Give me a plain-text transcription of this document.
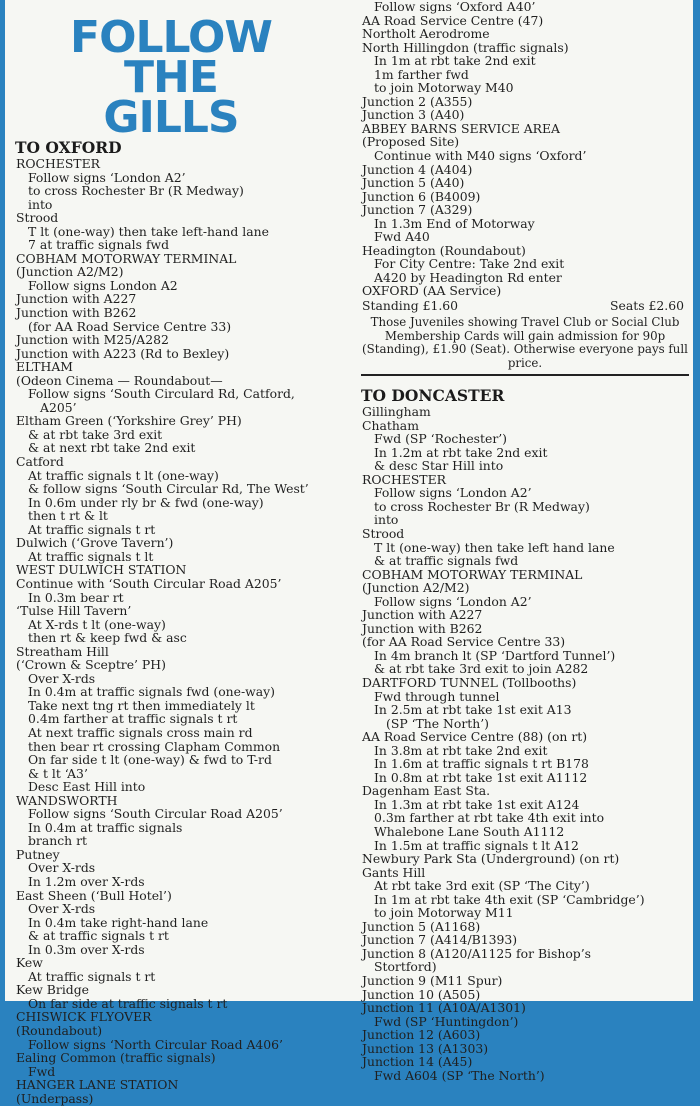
FOLLOW
THE GILLS
TO OXFORD
ROCHESTER
Follow signs ‘London A2’
to cross Rochester Br (R Medway)
into
Strood
T lt (one-way) then take left-hand lane
7 at traffic signals fwd
COBHAM MOTORWAY TERMINAL
(Junction A2/M2)
Follow signs London A2
Junction with A227
Junction with B262
(for AA Road Service Centre 33)
Junction with M25/A282
Junction with A223 (Rd to Bexley)
ELTHAM
(Odeon Cinema — Roundabout—
Follow signs ‘South Circulard Rd, Catford,
A205’
Eltham Green (‘Yorkshire Grey’ PH)
& at rbt take 3rd exit
& at next rbt take 2nd exit
Catford
At traffic signals t lt (one-way)
& follow signs ‘South Circular Rd, The West’
In 0.6m under rly br & fwd (one-way)
then t rt & lt
At traffic signals t rt
Dulwich (‘Grove Tavern’)
At traffic signals t lt
WEST DULWICH STATION
Continue with ‘South Circular Road A205’
In 0.3m bear rt
‘Tulse Hill Tavern’
At X-rds t lt (one-way)
then rt & keep fwd & asc
Streatham Hill
(‘Crown & Sceptre’ PH)
Over X-rds
In 0.4m at traffic signals fwd (one-way)
Take next tng rt then immediately lt
0.4m farther at traffic signals t rt
At next traffic signals cross main rd
then bear rt crossing Clapham Common
On far side t lt (one-way) & fwd to T-rd
& t lt ‘A3’
Desc East Hill into
WANDSWORTH
Follow signs ‘South Circular Road A205’
In 0.4m at traffic signals
branch rt
Putney
Over X-rds
In 1.2m over X-rds
East Sheen (‘Bull Hotel’)
Over X-rds
In 0.4m take right-hand lane
& at traffic signals t rt
In 0.3m over X-rds
Kew
At traffic signals t rt
Kew Bridge
On far side at traffic signals t rt
CHISWICK FLYOVER
(Roundabout)
Follow signs ‘North Circular Road A406’
Ealing Common (traffic signals)
Fwd
HANGER LANE STATION
(Underpass)
Follow signs ‘Oxford A40’
AA Road Service Centre (47)
Northolt Aerodrome
North Hillingdon (traffic signals)
In 1m at rbt take 2nd exit
1m farther fwd
to join Motorway M40
Junction 2 (A355)
Junction 3 (A40)
ABBEY BARNS SERVICE AREA
(Proposed Site)
Continue with M40 signs ‘Oxford’
Junction 4 (A404)
Junction 5 (A40)
Junction 6 (B4009)
Junction 7 (A329)
In 1.3m End of Motorway
Fwd A40
Headington (Roundabout)
For City Centre: Take 2nd exit
A420 by Headington Rd enter
OXFORD (AA Service)
Standing £1.60	Seats £2.60
Those Juveniles showing Travel Club or Social Club Membership Cards will gain admission for 90p (Standing), £1.90 (Seat). Otherwise everyone pays full price.
TO DONCASTER
Gillingham
Chatham
Fwd (SP ‘Rochester’)
In 1.2m at rbt take 2nd exit
& desc Star Hill into
ROCHESTER
Follow signs ‘London A2’
to cross Rochester Br (R Medway)
into
Strood
T lt (one-way) then take left hand lane
& at traffic signals fwd
COBHAM MOTORWAY TERMINAL
(Junction A2/M2)
Follow signs ‘London A2’
Junction with A227
Junction with B262
(for AA Road Service Centre 33)
In 4m branch lt (SP ‘Dartford Tunnel’)
& at rbt take 3rd exit to join A282
DARTFORD TUNNEL (Tollbooths)
Fwd through tunnel
In 2.5m at rbt take 1st exit A13
(SP ‘The North’)
AA Road Service Centre (88) (on rt)
In 3.8m at rbt take 2nd exit
In 1.6m at traffic signals t rt B178
In 0.8m at rbt take 1st exit A1112
Dagenham East Sta.
In 1.3m at rbt take 1st exit A124
0.3m farther at rbt take 4th exit into
Whalebone Lane South A1112
In 1.5m at traffic signals t lt A12
Newbury Park Sta (Underground) (on rt)
Gants Hill
At rbt take 3rd exit (SP ‘The City’)
In 1m at rbt take 4th exit (SP ‘Cambridge’)
to join Motorway M11
Junction 5 (A1168)
Junction 7 (A414/B1393)
Junction 8 (A120/A1125 for Bishop’s
Stortford)
Junction 9 (M11 Spur)
Junction 10 (A505)
Junction 11 (A10A/A1301)
Fwd (SP ‘Huntingdon’)
Junction 12 (A603)
Junction 13 (A1303)
Junction 14 (A45)
Fwd A604 (SP ‘The North’)
